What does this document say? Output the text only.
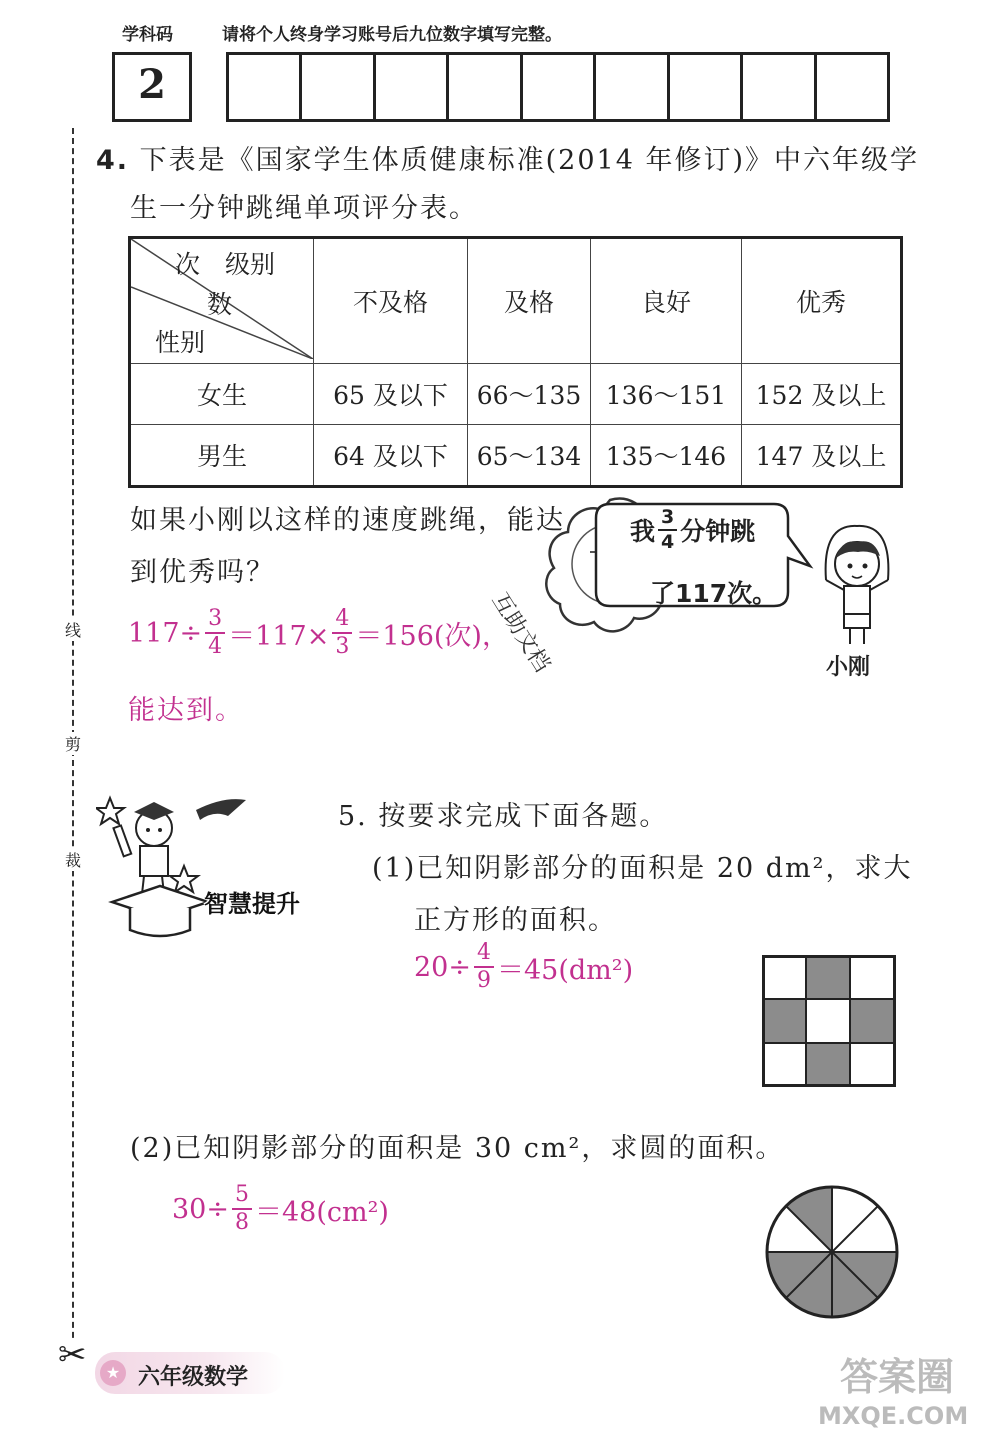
学科码	请将个人终身学习账号后九位数字填写完整。
2
线
剪
裁
✂
4. 下表是《国家学生体质健康标准(2014 年修订)》中六年级学
生一分钟跳绳单项评分表。
次　级别
数
性别	不及格	及格	良好	优秀
女生	65 及以下	66～135	136～151	152 及以上
男生	64 及以下	65～134	135～146	147 及以上
如果小刚以这样的速度跳绳，能达
到优秀吗？
互助文档
我 $\frac{3}{4}$ 分钟跳
了117次。
小刚
$117\div \frac{3}{4} =117\times \frac{4}{3} =156$(次)，
能达到。
智慧提升
5. 按要求完成下面各题。
(1)已知阴影部分的面积是 20 dm²，求大
正方形的面积。
$20\div \frac{4}{9} =45(dm^2)$
(2)已知阴影部分的面积是 30 cm²，求圆的面积。
$30\div \frac{5}{8} =48(cm^2)$
★ 六年级数学	答案圈
MXQE.COM
